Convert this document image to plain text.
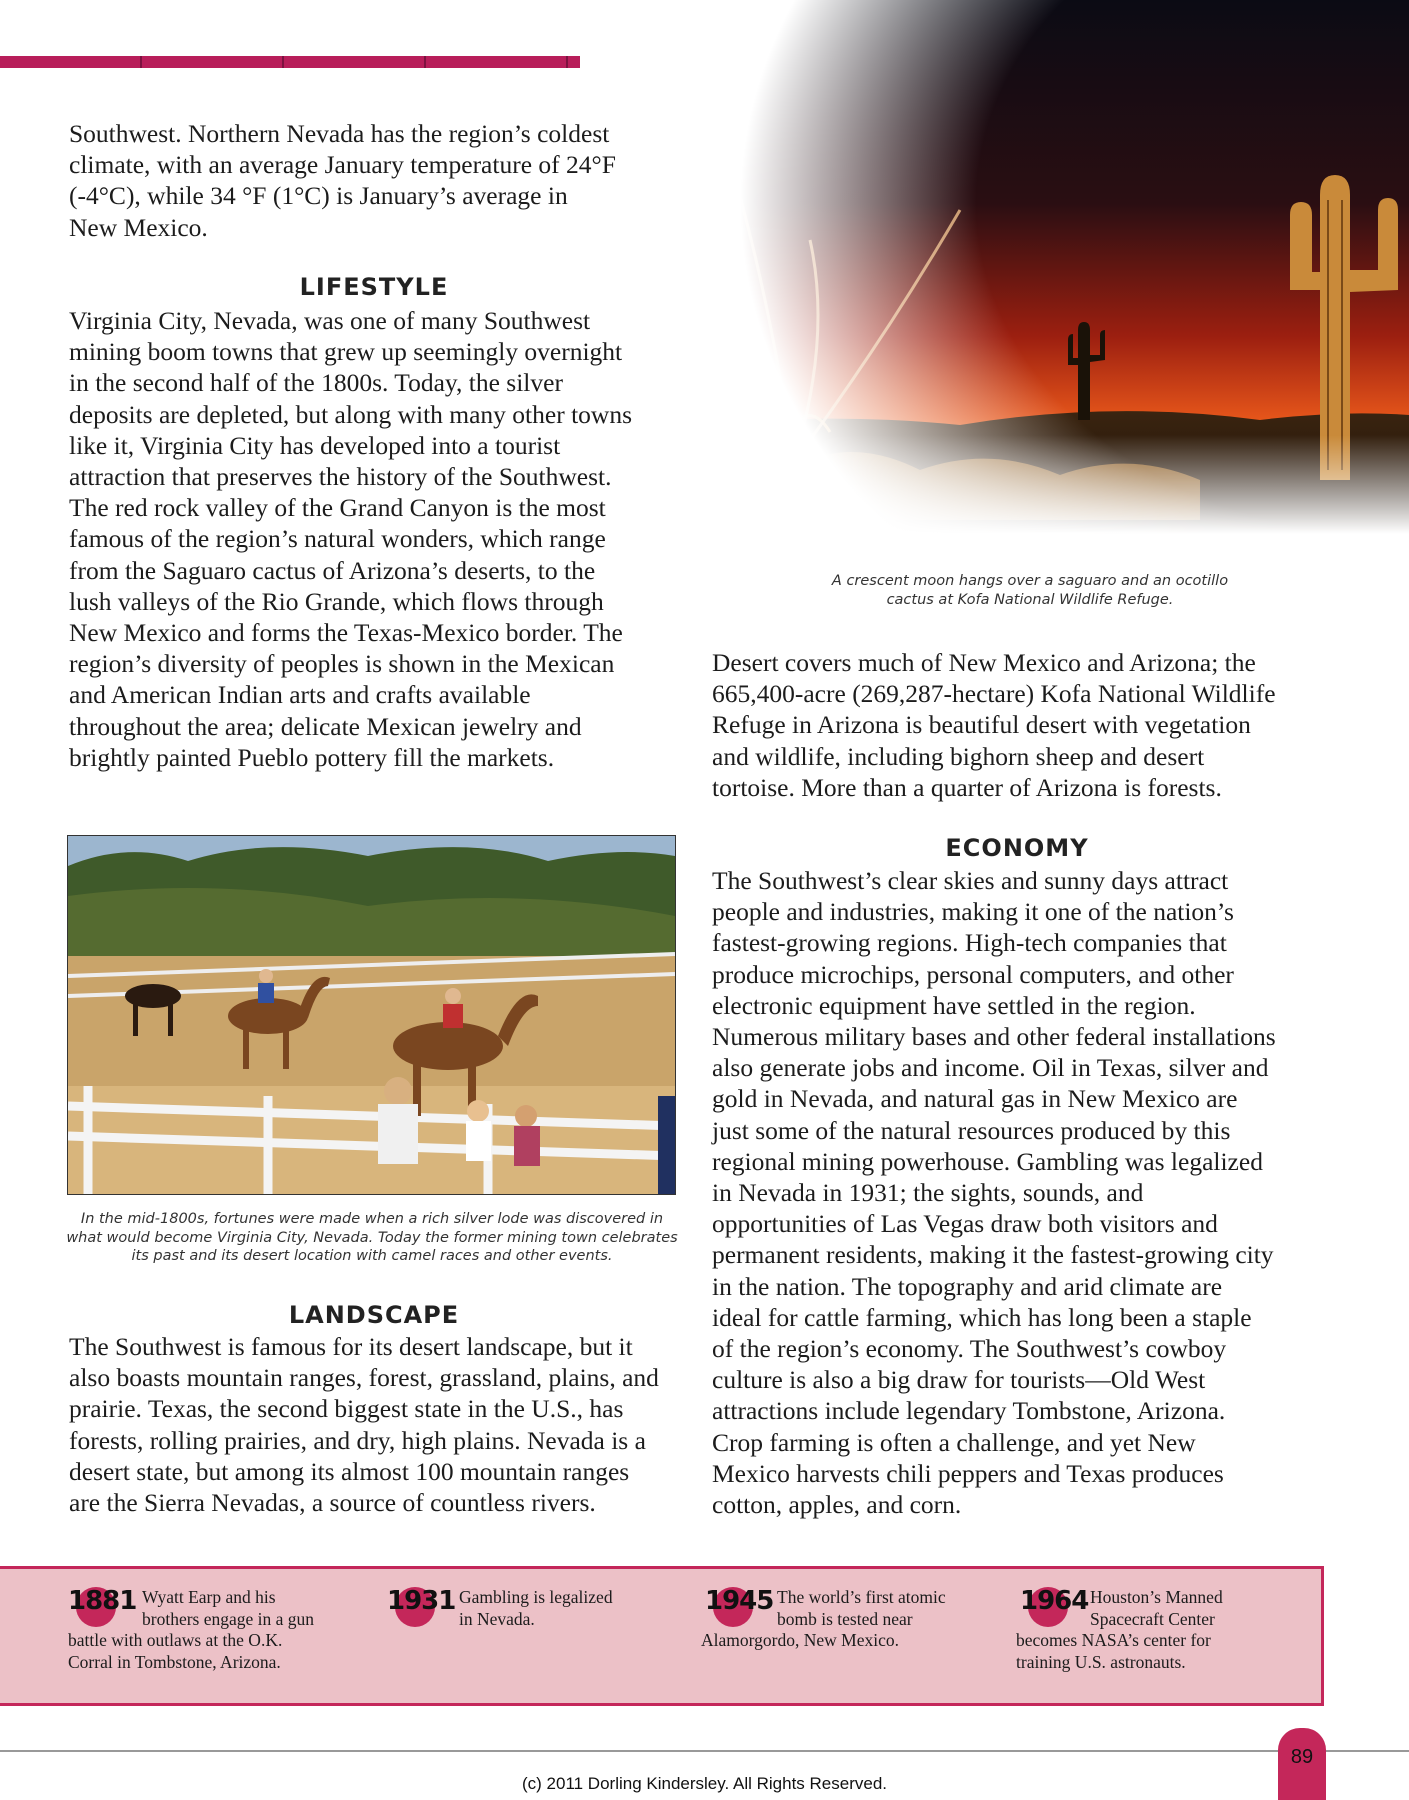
Southwest. Northern Nevada has the region’s coldest
climate, with an average January temperature of 24°F
(-4°C), while 34 °F (1°C) is January’s average in
New Mexico.

LIFESTYLE

Virginia City, Nevada, was one of many Southwest
mining boom towns that grew up seemingly overnight
in the second half of the 1800s. Today, the silver
deposits are depleted, but along with many other towns
like it, Virginia City has developed into a tourist
attraction that preserves the history of the Southwest.
The red rock valley of the Grand Canyon is the most
famous of the region’s natural wonders, which range
from the Saguaro cactus of Arizona’s deserts, to the
lush valleys of the Rio Grande, which flows through
New Mexico and forms the Texas-Mexico border. The
region’s diversity of peoples is shown in the Mexican
and American Indian arts and crafts available
throughout the area; delicate Mexican jewelry and
brightly painted Pueblo pottery fill the markets.

A crescent moon hangs over a saguaro and an ocotillo
cactus at Kofa National Wildlife Refuge.

Desert covers much of New Mexico and Arizona; the
665,400-acre (269,287-hectare) Kofa National Wildlife
Refuge in Arizona is beautiful desert with vegetation
and wildlife, including bighorn sheep and desert
tortoise. More than a quarter of Arizona is forests.

In the mid-1800s, fortunes were made when a rich silver lode was discovered in
what would become Virginia City, Nevada. Today the former mining town celebrates
its past and its desert location with camel races and other events.

LANDSCAPE

The Southwest is famous for its desert landscape, but it
also boasts mountain ranges, forest, grassland, plains, and
prairie. Texas, the second biggest state in the U.S., has
forests, rolling prairies, and dry, high plains. Nevada is a
desert state, but among its almost 100 mountain ranges
are the Sierra Nevadas, a source of countless rivers.

ECONOMY

The Southwest’s clear skies and sunny days attract
people and industries, making it one of the nation’s
fastest-growing regions. High-tech companies that
produce microchips, personal computers, and other
electronic equipment have settled in the region.
Numerous military bases and other federal installations
also generate jobs and income. Oil in Texas, silver and
gold in Nevada, and natural gas in New Mexico are
just some of the natural resources produced by this
regional mining powerhouse. Gambling was legalized
in Nevada in 1931; the sights, sounds, and
opportunities of Las Vegas draw both visitors and
permanent residents, making it the fastest-growing city
in the nation. The topography and arid climate are
ideal for cattle farming, which has long been a staple
of the region’s economy. The Southwest’s cowboy
culture is also a big draw for tourists—Old West
attractions include legendary Tombstone, Arizona.
Crop farming is often a challenge, and yet New
Mexico harvests chili peppers and Texas produces
cotton, apples, and corn.

1881 Wyatt Earp and his
brothers engage in a gun
battle with outlaws at the O.K.
Corral in Tombstone, Arizona.

1931 Gambling is legalized
in Nevada.

1945 The world’s first atomic
bomb is tested near
Alamorgordo, New Mexico.

1964 Houston’s Manned
Spacecraft Center
becomes NASA’s center for
training U.S. astronauts.

89
(c) 2011 Dorling Kindersley. All Rights Reserved.
